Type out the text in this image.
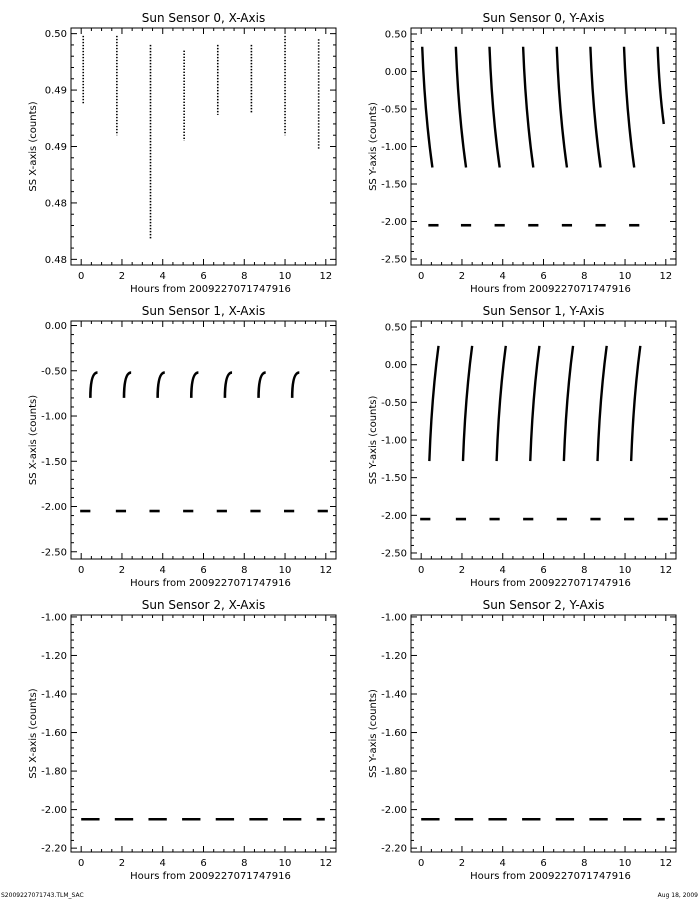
Sun Sensor 0, X-Axis
Hours from 2009227071747916
SS X-axis (counts)
0	2	4	6	8	10	12
0.48
0.48
0.49
0.49
0.50
Sun Sensor 0, Y-Axis
Hours from 2009227071747916
SS Y-axis (counts)
0	2	4	6	8	10	12
-2.50
-2.00
-1.50
-1.00
-0.50
0.00
0.50
Sun Sensor 1, X-Axis
Hours from 2009227071747916
SS X-axis (counts)
0	2	4	6	8	10	12
-2.50
-2.00
-1.50
-1.00
-0.50
0.00
Sun Sensor 1, Y-Axis
Hours from 2009227071747916
SS Y-axis (counts)
0	2	4	6	8	10	12
-2.50
-2.00
-1.50
-1.00
-0.50
0.00
0.50
Sun Sensor 2, X-Axis
Hours from 2009227071747916
SS X-axis (counts)
0	2	4	6	8	10	12
-2.20
-2.00
-1.80
-1.60
-1.40
-1.20
-1.00
Sun Sensor 2, Y-Axis
Hours from 2009227071747916
SS Y-axis (counts)
0	2	4	6	8	10	12
-2.20
-2.00
-1.80
-1.60
-1.40
-1.20
-1.00
S2009227071743.TLM_SAC	Aug 18, 2009
